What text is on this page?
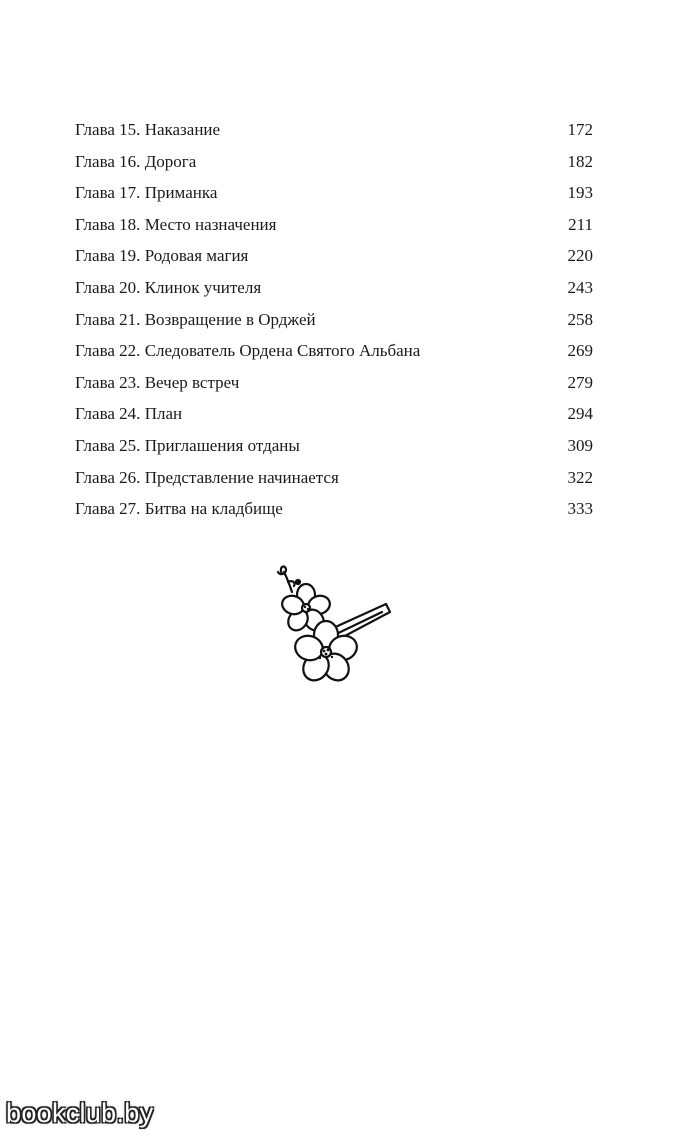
Глава 15. Наказание	172
Глава 16. Дорога	182
Глава 17. Приманка	193
Глава 18. Место назначения	211
Глава 19. Родовая магия	220
Глава 20. Клинок учителя	243
Глава 21. Возвращение в Орджей	258
Глава 22. Следователь Ордена Святого Альбана	269
Глава 23. Вечер встреч	279
Глава 24. План	294
Глава 25. Приглашения отданы	309
Глава 26. Представление начинается	322
Глава 27. Битва на кладбище	333
bookclub.by
